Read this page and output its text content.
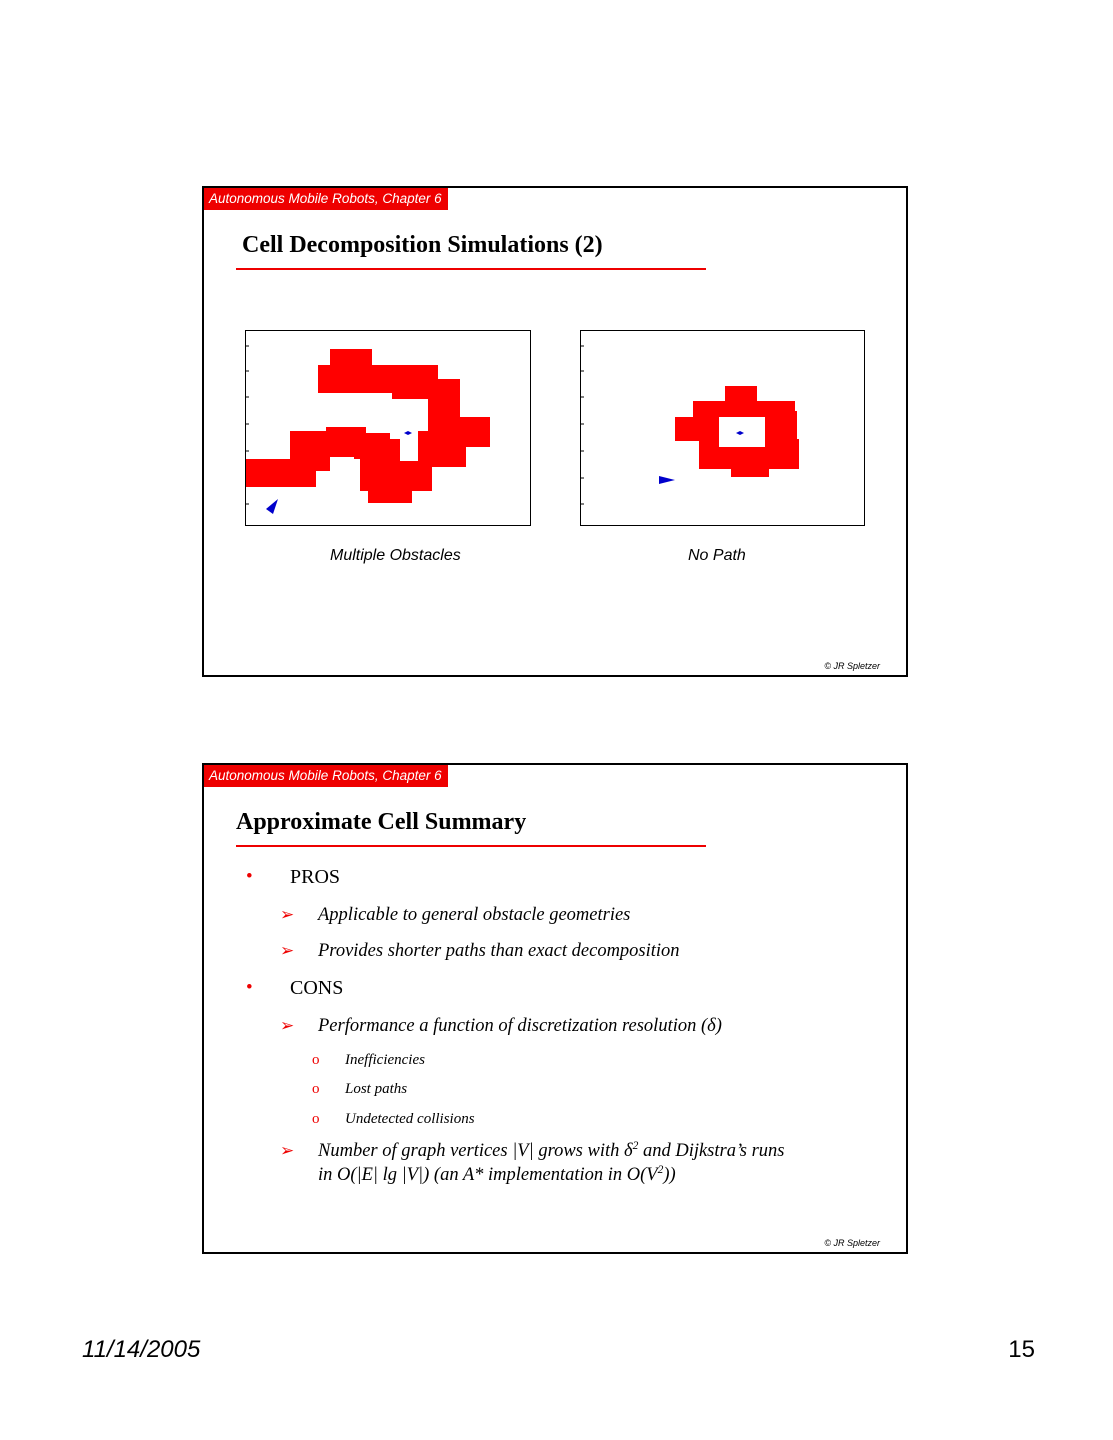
Autonomous Mobile Robots, Chapter 6
Cell Decomposition Simulations (2)
Multiple Obstacles	No Path
© JR Spletzer
Autonomous Mobile Robots, Chapter 6
Approximate Cell Summary
• PROS
➢ Applicable to general obstacle geometries
➢ Provides shorter paths than exact decomposition
• CONS
➢ Performance a function of discretization resolution (δ)
o Inefficiencies
o Lost paths
o Undetected collisions
➢ Number of graph vertices |V| grows with $\delta^2$ and Dijkstra’s runs
in O(|E| lg |V|) (an A* implementation in $O(V^2)$)
© JR Spletzer
11/14/2005	15
